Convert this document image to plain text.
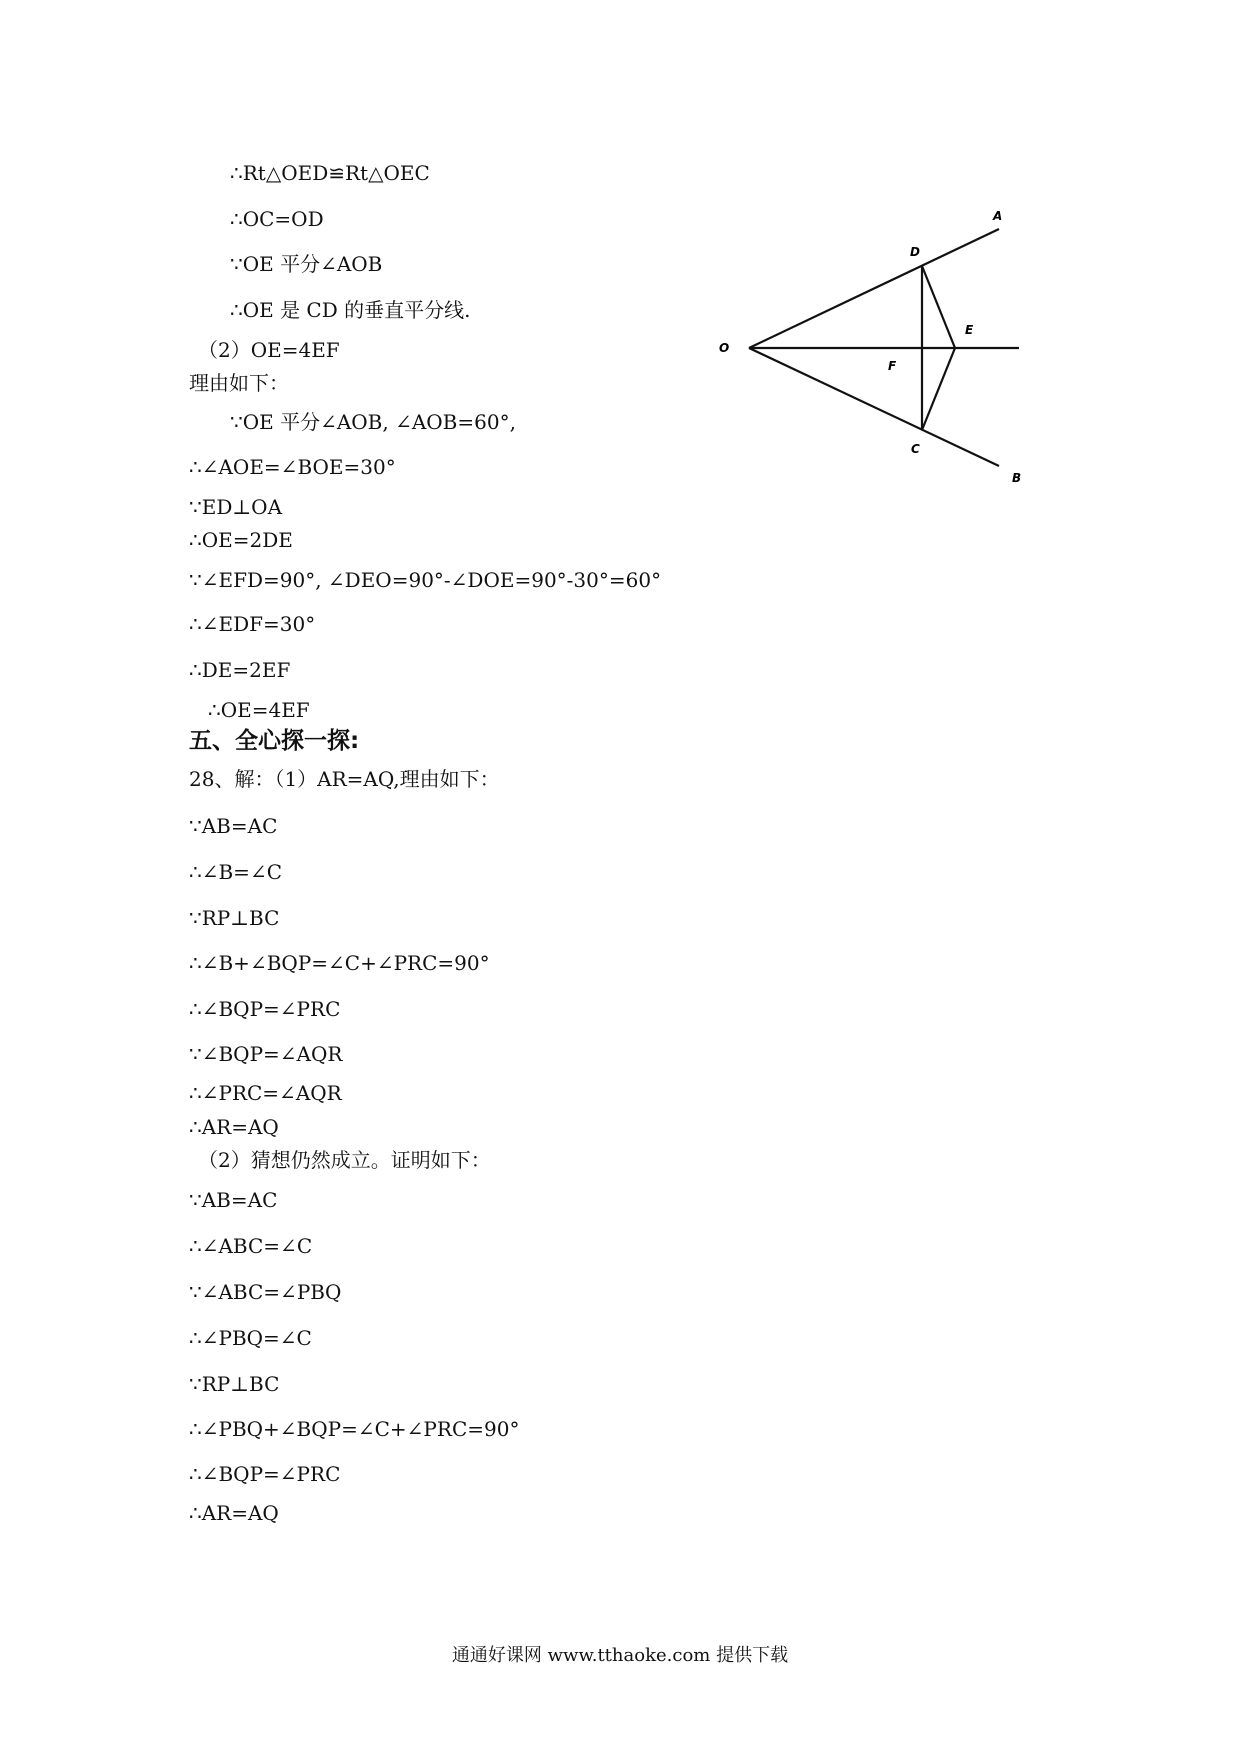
∴Rt△OED≌Rt△OEC
∴OC=OD
∵OE 平分∠AOB
∴OE 是 CD 的垂直平分线.
（2）OE=4EF
理由如下：
∵OE 平分∠AOB, ∠AOB=60°,
∴∠AOE=∠BOE=30°
∵ED⊥OA
∴OE=2DE
∵∠EFD=90°, ∠DEO=90°-∠DOE=90°-30°=60°
∴∠EDF=30°
∴DE=2EF
∴OE=4EF
五、全心探一探:
28、解：（1）AR=AQ,理由如下：
∵AB=AC
∴∠B=∠C
∵RP⊥BC
∴∠B+∠BQP=∠C+∠PRC=90°
∴∠BQP=∠PRC
∵∠BQP=∠AQR
∴∠PRC=∠AQR
∴AR=AQ
（2）猜想仍然成立。证明如下：
∵AB=AC
∴∠ABC=∠C
∵∠ABC=∠PBQ
∴∠PBQ=∠C
∵RP⊥BC
∴∠PBQ+∠BQP=∠C+∠PRC=90°
∴∠BQP=∠PRC
∴AR=AQ
A
D
E
O
F
C
B
通通好课网 www.tthaoke.com 提供下载
